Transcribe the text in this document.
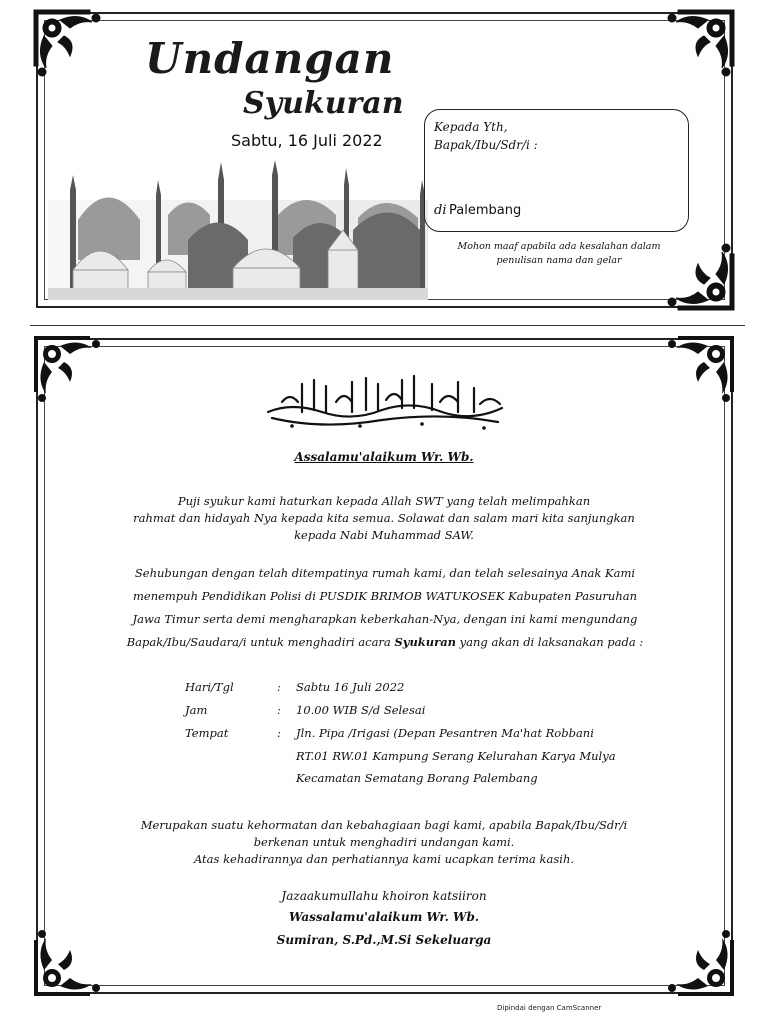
Undangan
Syukuran
Sabtu, 16 Juli 2022
Kepada Yth,
Bapak/Ibu/Sdr/i :
di Palembang
Mohon maaf apabila ada kesalahan dalam penulisan nama dan gelar
Assalamu'alaikum Wr. Wb.
Puji syukur kami haturkan kepada Allah SWT yang telah melimpahkan
rahmat dan hidayah Nya kepada kita semua. Solawat dan salam mari kita sanjungkan
kepada Nabi Muhammad SAW.
Sehubungan dengan telah ditempatinya rumah kami, dan telah selesainya Anak Kami menempuh Pendidikan Polisi di PUSDIK BRIMOB WATUKOSEK Kabupaten Pasuruhan Jawa Timur serta demi mengharapkan keberkahan-Nya, dengan ini kami mengundang Bapak/Ibu/Saudara/i untuk menghadiri acara Syukuran yang akan di laksanakan pada :
Hari/Tgl	: Sabtu 16 Juli 2022
Jam	: 10.00 WIB S/d Selesai
Tempat	: Jln. Pipa /Irigasi (Depan Pesantren Ma'hat Robbani
RT.01 RW.01 Kampung Serang Kelurahan Karya Mulya
Kecamatan Sematang Borang Palembang
Merupakan suatu kehormatan dan kebahagiaan bagi kami, apabila Bapak/Ibu/Sdr/i
berkenan untuk menghadiri undangan kami.
Atas kehadirannya dan perhatiannya kami ucapkan terima kasih.
Jazaakumullahu khoiron katsiiron
Wassalamu'alaikum Wr. Wb.
Sumiran, S.Pd.,M.Si Sekeluarga
Dipindai dengan CamScanner
